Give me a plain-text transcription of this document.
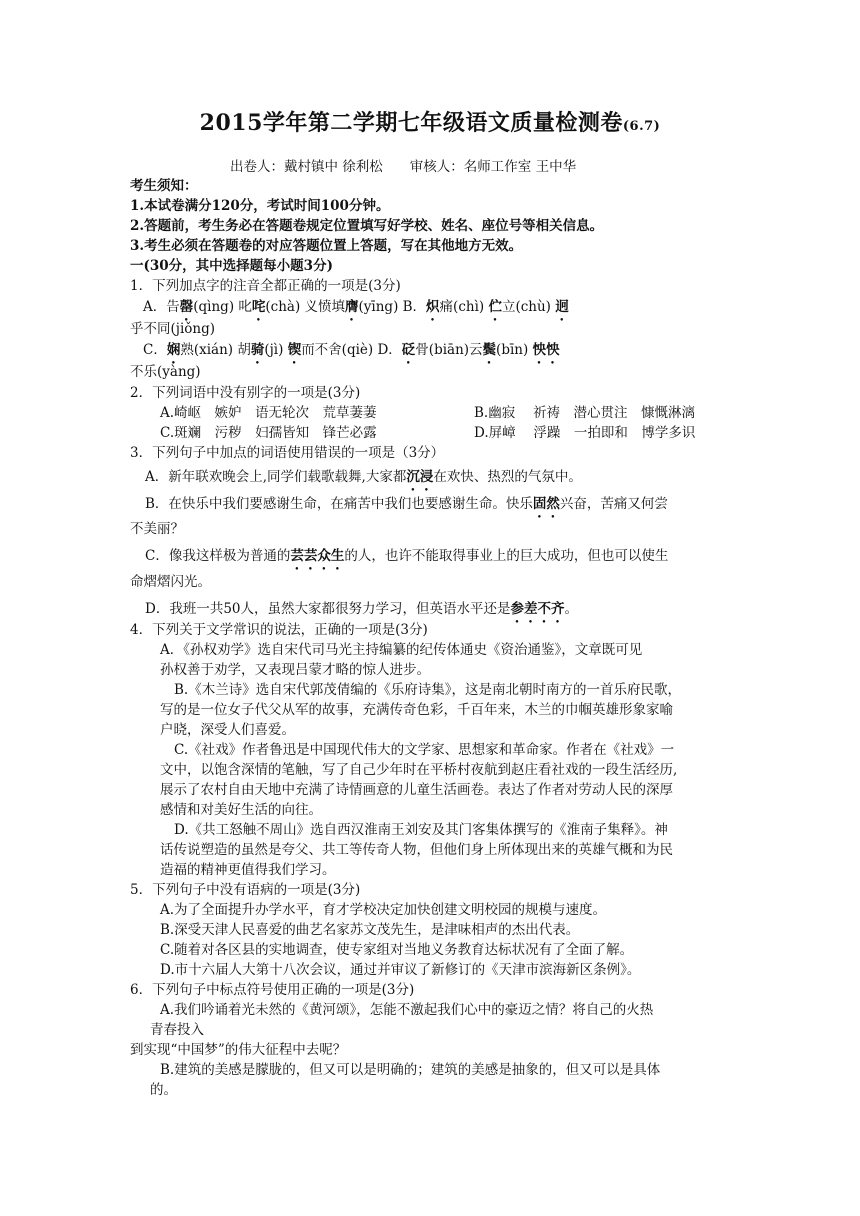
2015学年第二学期七年级语文质量检测卷(6.7)
出卷人：戴村镇中 徐利松　　审核人：名师工作室 王中华
考生须知：
1.本试卷满分120分，考试时间100分钟。
2.答题前，考生务必在答题卷规定位置填写好学校、姓名、座位号等相关信息。
3.考生必须在答题卷的对应答题位置上答题，写在其他地方无效。
一(30分，其中选择题每小题3分)
1．下列加点字的注音全都正确的一项是(3分)
A．告罄(qìng) 叱咤(chà) 义愤填膺(yīng) B．炽痛(chì) 伫立(chù) 迥
乎不同(jiǒng)
C．娴熟(xián) 胡骑(jì) 锲而不舍(qiè) D．砭骨(biān)云鬓(bīn) 怏怏
不乐(yàng)
2．下列词语中没有别字的一项是(3分)
A.崎岖　嫉妒　语无轮次　荒草萋萋	B.幽寂　 祈祷　潜心贯注　慷慨淋漓
C.斑斓　污秽　妇孺皆知　锋芒必露	D.屏嶂　 浮躁　一拍即和　博学多识
3．下列句子中加点的词语使用错误的一项是（3分）
A．新年联欢晚会上,同学们载歌载舞,大家都沉浸在欢快、热烈的气氛中。
B．在快乐中我们要感谢生命，在痛苦中我们也要感谢生命。快乐固然兴奋，苦痛又何尝
不美丽？
C．像我这样极为普通的芸芸众生的人，也许不能取得事业上的巨大成功，但也可以使生
命熠熠闪光。
D．我班一共50人，虽然大家都很努力学习，但英语水平还是参差不齐。
4．下列关于文学常识的说法，正确的一项是(3分)
A．《孙权劝学》选自宋代司马光主持编纂的纪传体通史《资治通鉴》，文章既可见
孙权善于劝学，又表现吕蒙才略的惊人进步。
B.《木兰诗》选自宋代郭茂倩编的《乐府诗集》，这是南北朝时南方的一首乐府民歌，
写的是一位女子代父从军的故事，充满传奇色彩，千百年来，木兰的巾帼英雄形象家喻
户晓，深受人们喜爱。
C.《社戏》作者鲁迅是中国现代伟大的文学家、思想家和革命家。作者在《社戏》一
文中，以饱含深情的笔触，写了自己少年时在平桥村夜航到赵庄看社戏的一段生活经历,
展示了农村自由天地中充满了诗情画意的儿童生活画卷。表达了作者对劳动人民的深厚
感情和对美好生活的向往。
D.《共工怒触不周山》选自西汉淮南王刘安及其门客集体撰写的《淮南子集释》。神
话传说塑造的虽然是夸父、共工等传奇人物，但他们身上所体现出来的英雄气概和为民
造福的精神更值得我们学习。
5．下列句子中没有语病的一项是(3分)
A.为了全面提升办学水平，育才学校决定加快创建文明校园的规模与速度。
B.深受天津人民喜爱的曲艺名家苏文茂先生，是津味相声的杰出代表。
C.随着对各区县的实地调查，使专家组对当地义务教育达标状况有了全面了解。
D.市十六届人大第十八次会议，通过并审议了新修订的《天津市滨海新区条例》。
6．下列句子中标点符号使用正确的一项是(3分)
A.我们吟诵着光未然的《黄河颂》，怎能不激起我们心中的豪迈之情？将自己的火热
青春投入
到实现“中国梦”的伟大征程中去呢？
B.建筑的美感是朦胧的，但又可以是明确的；建筑的美感是抽象的，但又可以是具体
的。
